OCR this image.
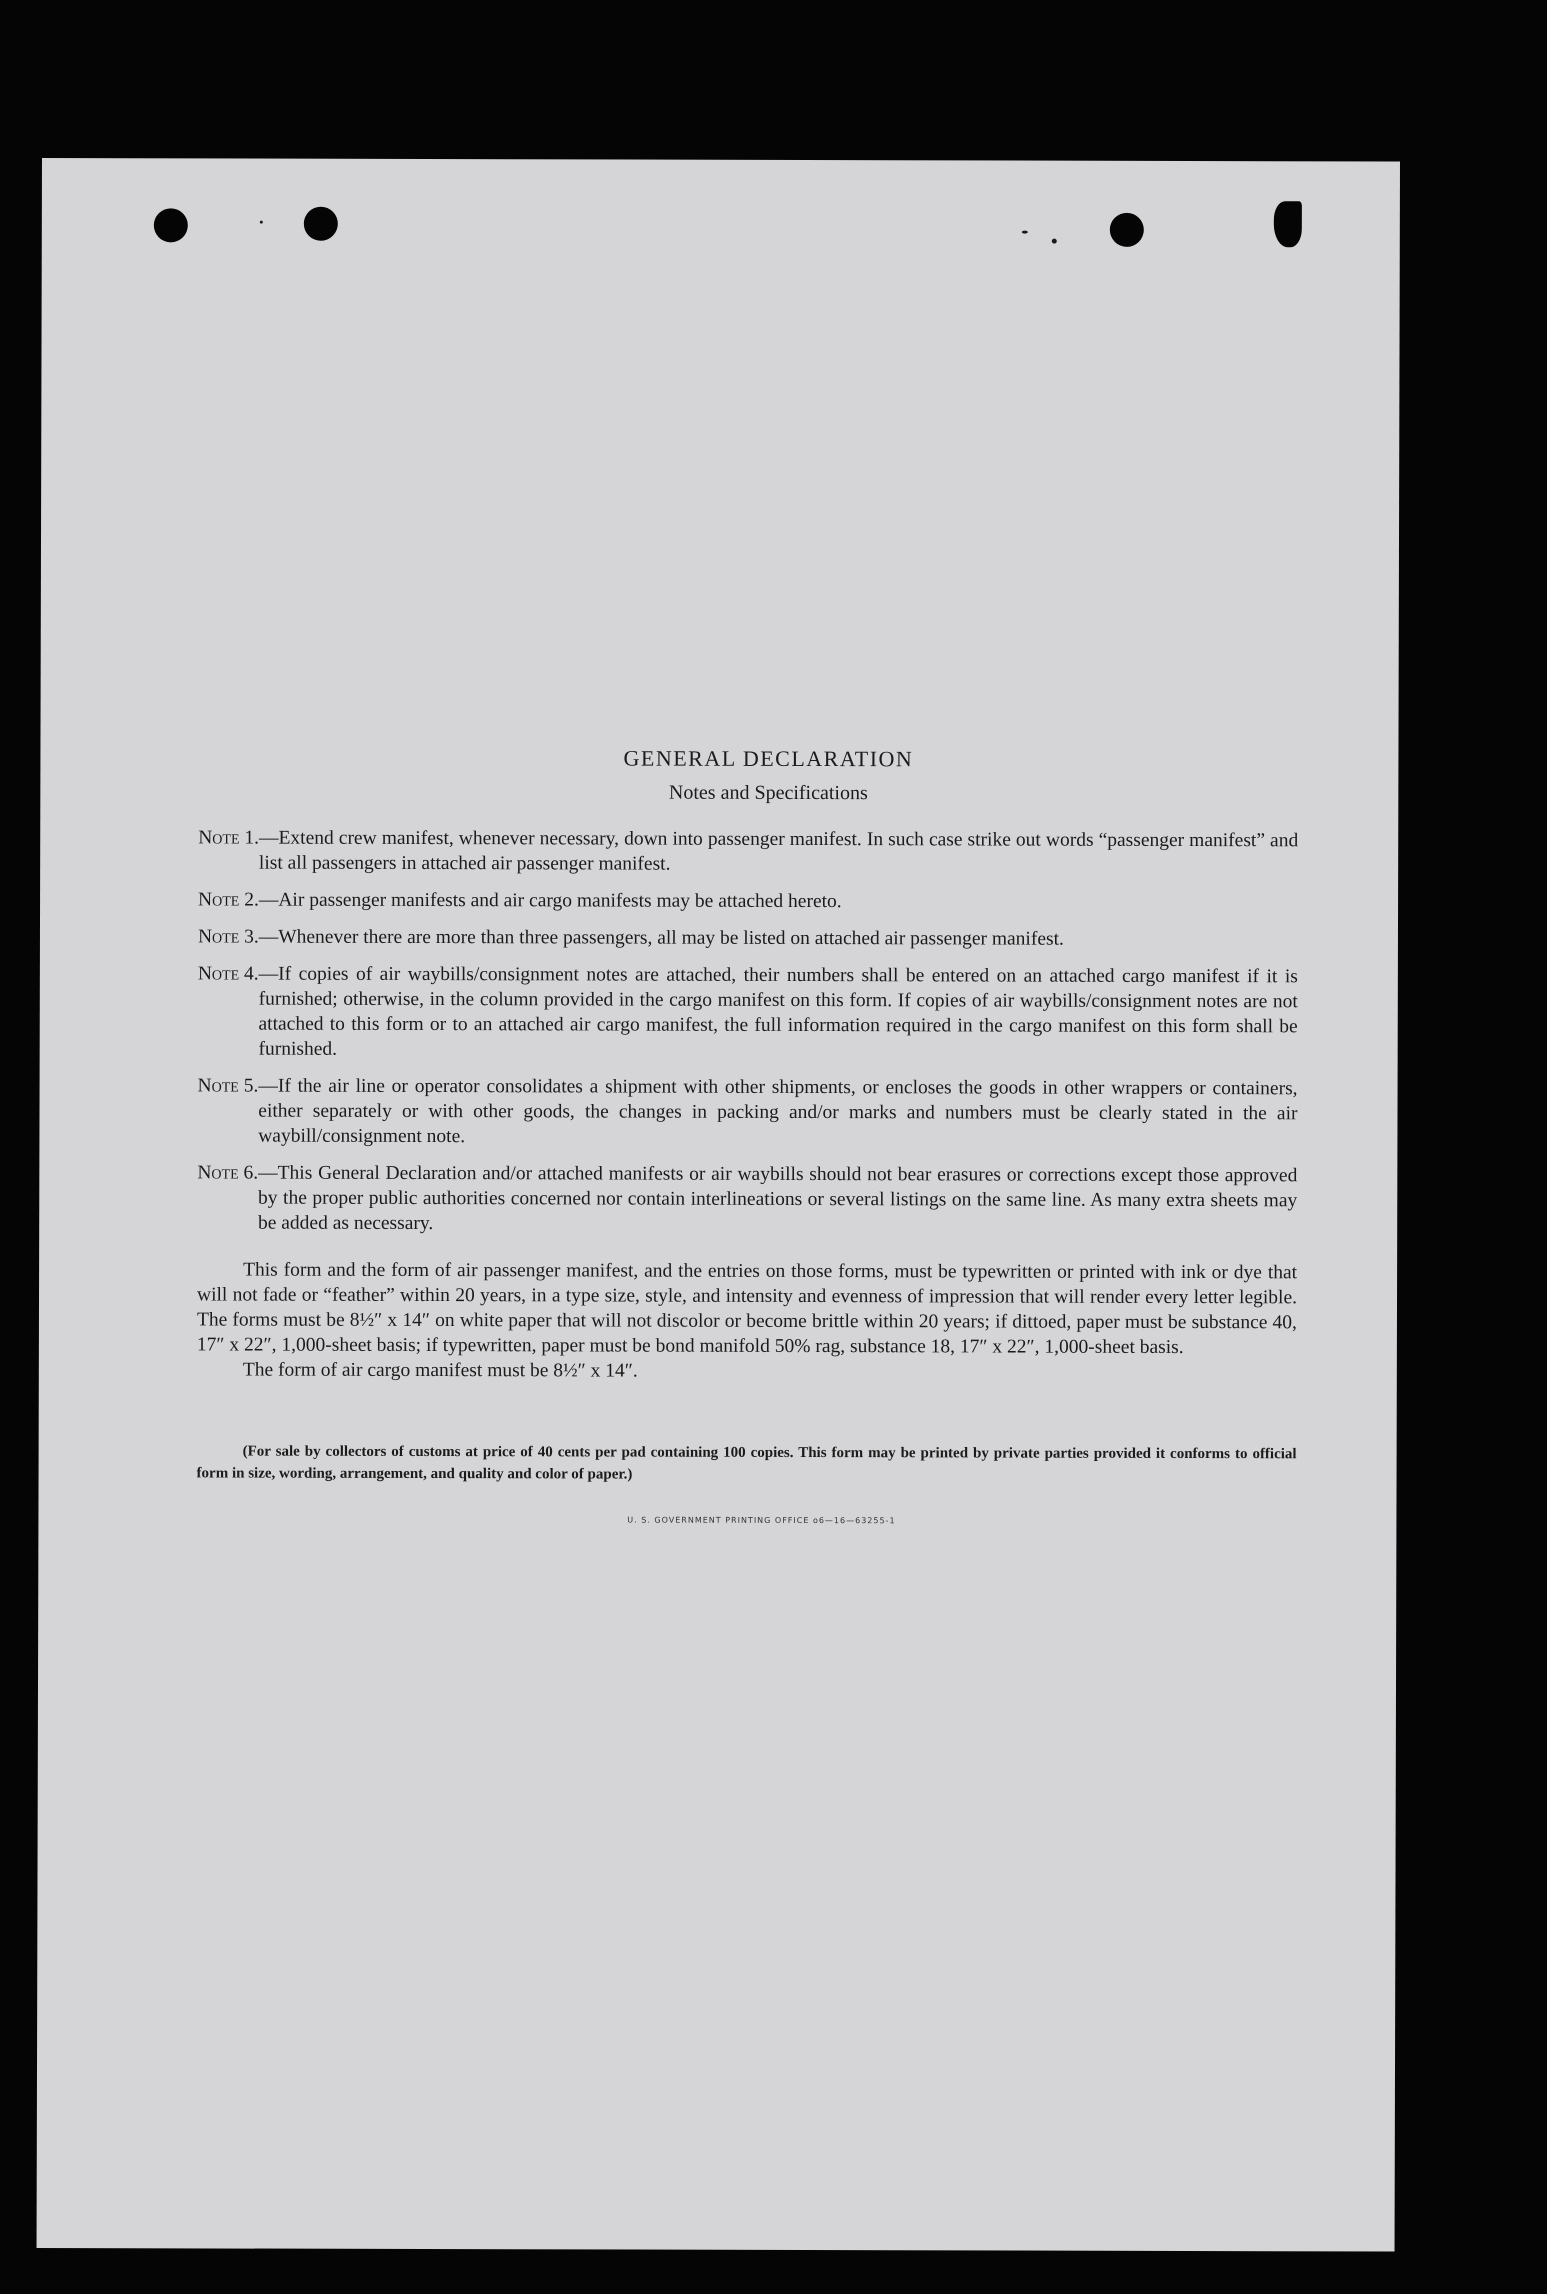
GENERAL DECLARATION
Notes and Specifications
Note 1. —Extend crew manifest, whenever necessary, down into passenger manifest. In such case strike out words “passenger manifest” and list all passengers in attached air passenger manifest.
Note 2. —Air passenger manifests and air cargo manifests may be attached hereto.
Note 3. —Whenever there are more than three passengers, all may be listed on attached air passenger manifest.
Note 4. —If copies of air waybills/consignment notes are attached, their numbers shall be entered on an attached cargo manifest if it is furnished; otherwise, in the column provided in the cargo manifest on this form. If copies of air waybills/consignment notes are not attached to this form or to an attached air cargo manifest, the full information required in the cargo manifest on this form shall be furnished.
Note 5. —If the air line or operator consolidates a shipment with other shipments, or encloses the goods in other wrappers or containers, either separately or with other goods, the changes in packing and/or marks and numbers must be clearly stated in the air waybill/consignment note.
Note 6. —This General Declaration and/or attached manifests or air waybills should not bear erasures or corrections except those approved by the proper public authorities concerned nor contain interlineations or several listings on the same line. As many extra sheets may be added as necessary.

This form and the form of air passenger manifest, and the entries on those forms, must be typewritten or printed with ink or dye that will not fade or “feather” within 20 years, in a type size, style, and intensity and evenness of impression that will render every letter legible. The forms must be 8½″ x 14″ on white paper that will not discolor or become brittle within 20 years; if dittoed, paper must be substance 40, 17″ x 22″, 1,000-sheet basis; if typewritten, paper must be bond manifold 50% rag, substance 18, 17″ x 22″, 1,000-sheet basis.

The form of air cargo manifest must be 8½″ x 14″.

(For sale by collectors of customs at price of 40 cents per pad containing 100 copies. This form may be printed by private parties provided it conforms to official form in size, wording, arrangement, and quality and color of paper.)
U. S. GOVERNMENT PRINTING OFFICE o6—16—63255-1
